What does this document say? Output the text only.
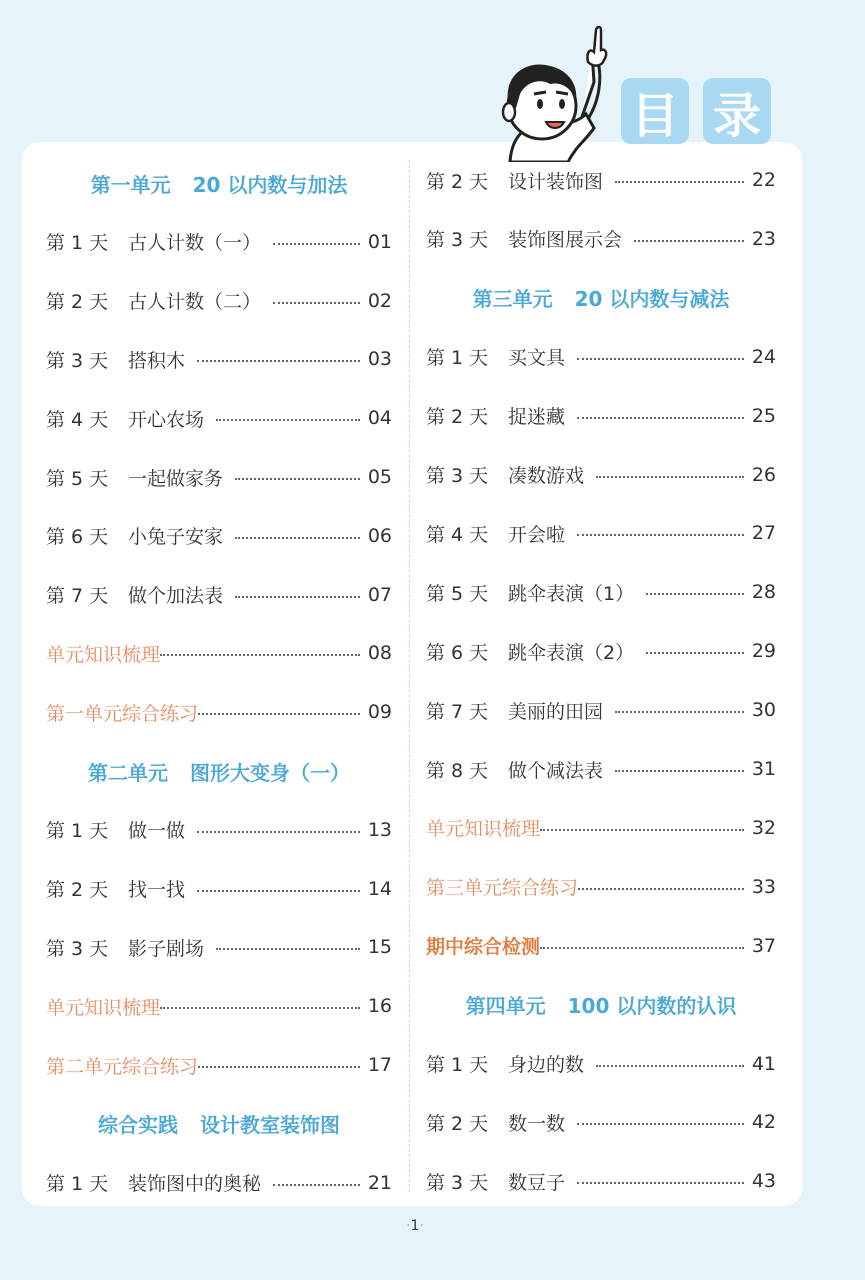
目 录
第一单元 20 以内数与加法
第 1 天	古人计数（一）	01
第 2 天	古人计数（二）	02
第 3 天	搭积木	03
第 4 天	开心农场	04
第 5 天	一起做家务	05
第 6 天	小兔子安家	06
第 7 天	做个加法表	07
单元知识梳理	08
第一单元综合练习	09
第二单元 图形大变身（一）
第 1 天	做一做	13
第 2 天	找一找	14
第 3 天	影子剧场	15
单元知识梳理	16
第二单元综合练习	17
综合实践 设计教室装饰图
第 1 天	装饰图中的奥秘	21
第 2 天	设计装饰图	22
第 3 天	装饰图展示会	23
第三单元 20 以内数与减法
第 1 天	买文具	24
第 2 天	捉迷藏	25
第 3 天	凑数游戏	26
第 4 天	开会啦	27
第 5 天	跳伞表演（1）	28
第 6 天	跳伞表演（2）	29
第 7 天	美丽的田园	30
第 8 天	做个减法表	31
单元知识梳理	32
第三单元综合练习	33
期中综合检测	37
第四单元 100 以内数的认识
第 1 天	身边的数	41
第 2 天	数一数	42
第 3 天	数豆子	43
·1·
